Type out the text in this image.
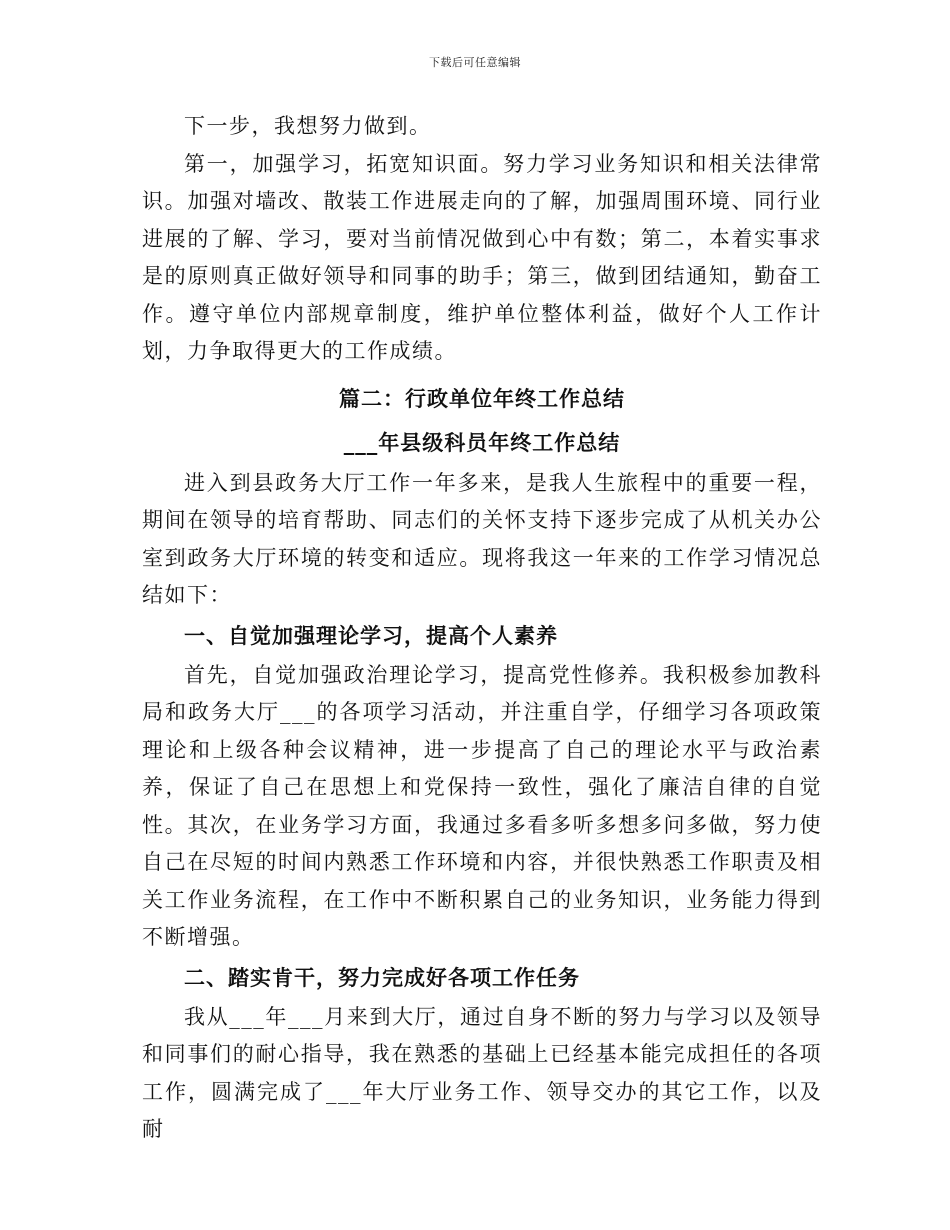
下载后可任意编辑

下一步，我想努力做到。

第一，加强学习，拓宽知识面。努力学习业务知识和相关法律常识。加强对墙改、散装工作进展走向的了解，加强周围环境、同行业进展的了解、学习，要对当前情况做到心中有数；第二，本着实事求是的原则真正做好领导和同事的助手；第三，做到团结通知，勤奋工作。遵守单位内部规章制度，维护单位整体利益，做好个人工作计划，力争取得更大的工作成绩。

篇二：行政单位年终工作总结
___年县级科员年终工作总结

进入到县政务大厅工作一年多来，是我人生旅程中的重要一程，期间在领导的培育帮助、同志们的关怀支持下逐步完成了从机关办公室到政务大厅环境的转变和适应。现将我这一年来的工作学习情况总结如下：

一、自觉加强理论学习，提高个人素养

首先，自觉加强政治理论学习，提高党性修养。我积极参加教科局和政务大厅___的各项学习活动，并注重自学，仔细学习各项政策理论和上级各种会议精神，进一步提高了自己的理论水平与政治素养，保证了自己在思想上和党保持一致性，强化了廉洁自律的自觉性。其次，在业务学习方面，我通过多看多听多想多问多做，努力使自己在尽短的时间内熟悉工作环境和内容，并很快熟悉工作职责及相关工作业务流程，在工作中不断积累自己的业务知识，业务能力得到不断增强。

二、踏实肯干，努力完成好各项工作任务

我从___年___月来到大厅，通过自身不断的努力与学习以及领导和同事们的耐心指导，我在熟悉的基础上已经基本能完成担任的各项工作，圆满完成了___年大厅业务工作、领导交办的其它工作，以及耐
